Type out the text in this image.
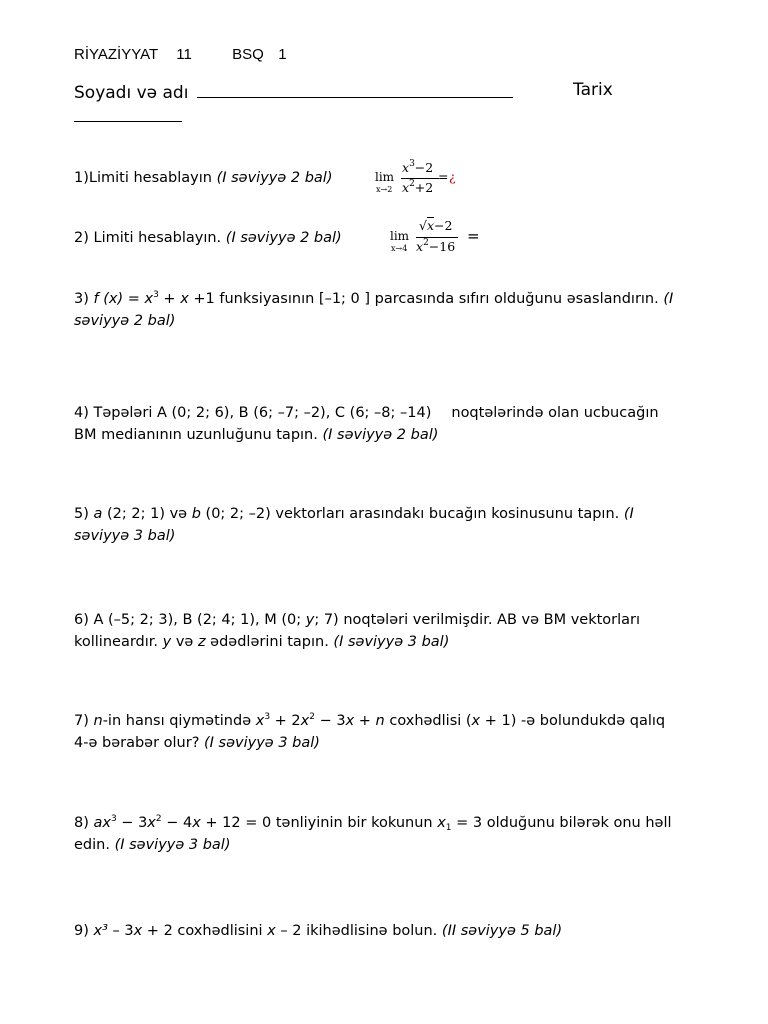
RİYAZİYYAT 11	BSQ 1
Soyadı və adı	Tarix
1)Limiti hesablayın (I səviyyə 2 bal)	lim
x→2
$x^3-2$
$x^2+2$
= ¿
2) Limiti hesablayın. (I səviyyə 2 bal)	lim
x→4
√x−2
$x^2-16$
=
3) f $(x) = x^3 + x +1$ funksiyasının [–1; 0 ] parcasında sıfırı olduğunu əsaslandırın. (I
səviyyə 2 bal)
4) Təpələri A (0; 2; 6), B (6; –7; –2), C (6; –8; –14) noqtələrində olan ucbucağın
BM medianının uzunluğunu tapın. (I səviyyə 2 bal)
5) a (2; 2; 1) və b (0; 2; –2) vektorları arasındakı bucağın kosinusunu tapın. (I
səviyyə 3 bal)
6) A (–5; 2; 3), B (2; 4; 1), M (0; y; 7) noqtələri verilmişdir. AB və BM vektorları
kollineardır. y və z ədədlərini tapın. (I səviyyə 3 bal)
7) n-in hansı qiymətində $x^3 + 2x^2 - 3x + n$ coxhədlisi (x + 1) -ə bolundukdə qalıq
4-ə bərabər olur? (I səviyyə 3 bal)
8) $ax^3 - 3x^2 - 4x + 12 = 0$ tənliyinin bir kokunun $x_1 = 3$ olduğunu bilərək onu həll
edin. (I səviyyə 3 bal)
9) x³ – 3x + 2 coxhədlisini x – 2 ikihədlisinə bolun. (II səviyyə 5 bal)
